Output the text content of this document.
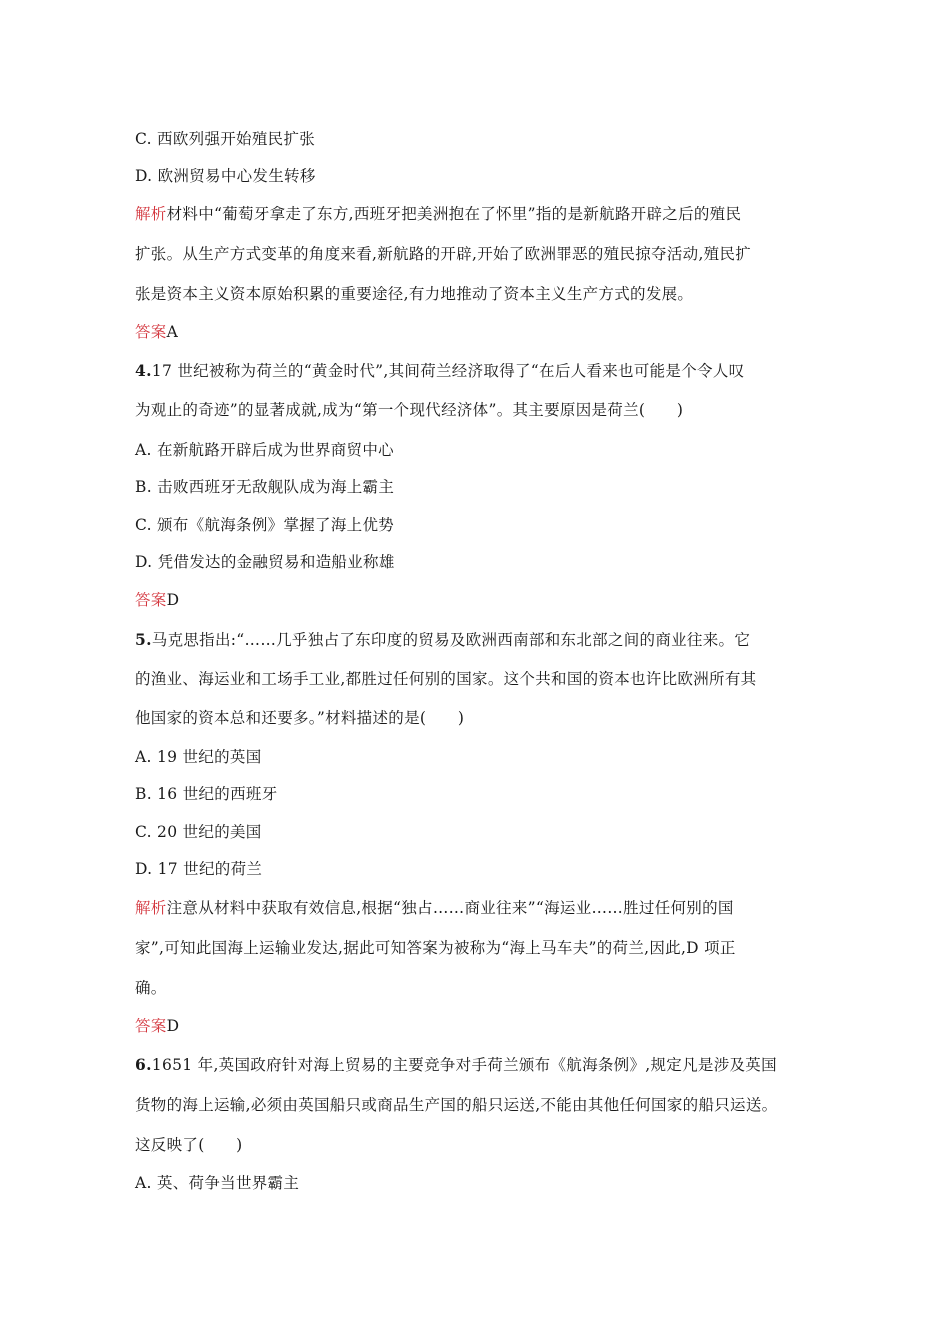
C. 西欧列强开始殖民扩张
D. 欧洲贸易中心发生转移
解析材料中“葡萄牙拿走了东方,西班牙把美洲抱在了怀里”指的是新航路开辟之后的殖民
扩张。从生产方式变革的角度来看,新航路的开辟,开始了欧洲罪恶的殖民掠夺活动,殖民扩
张是资本主义资本原始积累的重要途径,有力地推动了资本主义生产方式的发展。
答案A
4.17 世纪被称为荷兰的“黄金时代”,其间荷兰经济取得了“在后人看来也可能是个令人叹
为观止的奇迹”的显著成就,成为“第一个现代经济体”。其主要原因是荷兰(　　)
A. 在新航路开辟后成为世界商贸中心
B. 击败西班牙无敌舰队成为海上霸主
C. 颁布《航海条例》掌握了海上优势
D. 凭借发达的金融贸易和造船业称雄
答案D
5.马克思指出:“……几乎独占了东印度的贸易及欧洲西南部和东北部之间的商业往来。它
的渔业、海运业和工场手工业,都胜过任何别的国家。这个共和国的资本也许比欧洲所有其
他国家的资本总和还要多。”材料描述的是(　　)
A. 19 世纪的英国
B. 16 世纪的西班牙
C. 20 世纪的美国
D. 17 世纪的荷兰
解析注意从材料中获取有效信息,根据“独占……商业往来”“海运业……胜过任何别的国
家”,可知此国海上运输业发达,据此可知答案为被称为“海上马车夫”的荷兰,因此,D 项正
确。
答案D
6.1651 年,英国政府针对海上贸易的主要竞争对手荷兰颁布《航海条例》,规定凡是涉及英国
货物的海上运输,必须由英国船只或商品生产国的船只运送,不能由其他任何国家的船只运送。
这反映了(　　)
A. 英、荷争当世界霸主
